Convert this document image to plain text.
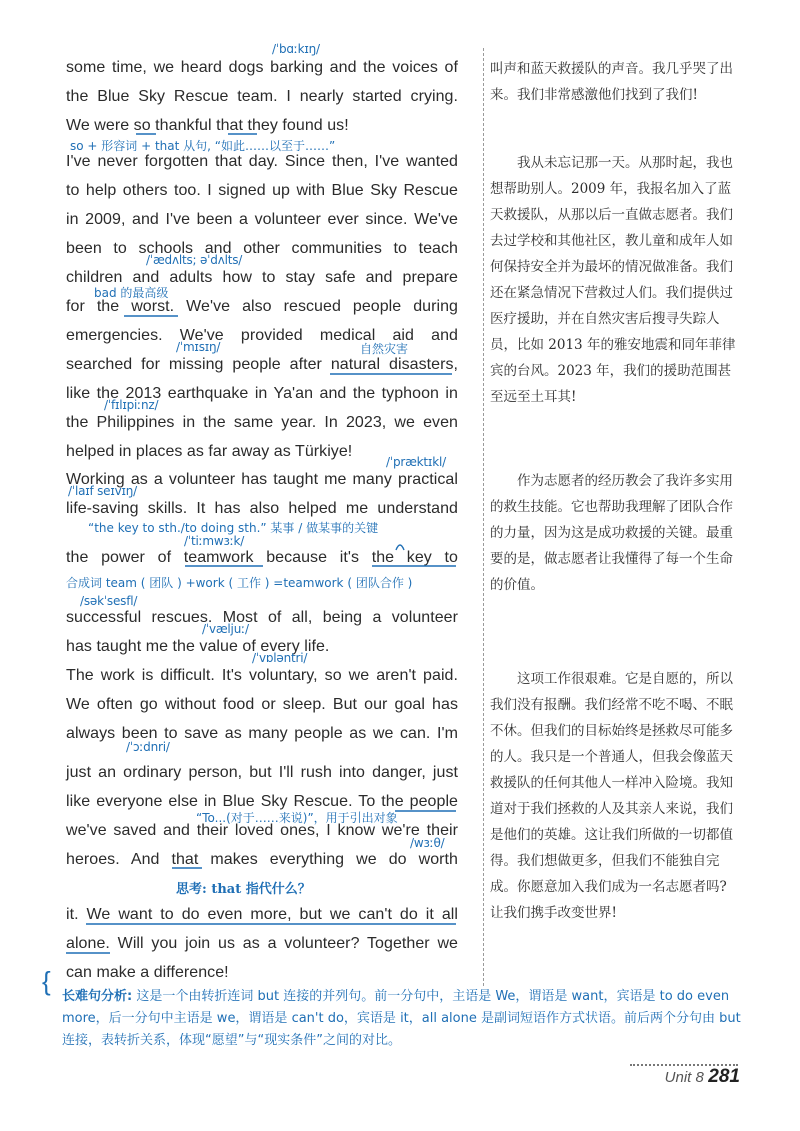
some time, we heard dogs barking and the voices of
the Blue Sky Rescue team. I nearly started crying.
We were so thankful that they found us!
I've never forgotten that day. Since then, I've wanted
to help others too. I signed up with Blue Sky Rescue
in 2009, and I've been a volunteer ever since. We've
been to schools and other communities to teach
children and adults how to stay safe and prepare
for the worst. We've also rescued people during
emergencies. We've provided medical aid and
searched for missing people after natural disasters,
like the 2013 earthquake in Ya'an and the typhoon in
the Philippines in the same year. In 2023, we even
helped in places as far away as Türkiye!
Working as a volunteer has taught me many practical
life-saving skills. It has also helped me understand
the power of teamwork because it's the key to
successful rescues. Most of all, being a volunteer
has taught me the value of every life.
The work is difficult. It's voluntary, so we aren't paid.
We often go without food or sleep. But our goal has
always been to save as many people as we can. I'm
just an ordinary person, but I'll rush into danger, just
like everyone else in Blue Sky Rescue. To the people
we've saved and their loved ones, I know we're their
heroes. And that makes everything we do worth
it. We want to do even more, but we can't do it all
alone. Will you join us as a volunteer? Together we
can make a difference!
/ˈbɑːkɪŋ/
/ˈædʌlts; əˈdʌlts/
/ˈmɪsɪŋ/
/ˈfɪlɪpiːnz/
/ˈpræktɪkl/
/ˈlaɪf seɪvɪŋ/
/ˈtiːmwɜːk/
/səkˈsesfl/
/ˈvæljuː/
/ˈvɒləntri/
/ˈɔːdnri/
/wɜːθ/
so + 形容词 + that 从句, “如此……以至于……”
bad 的最高级
自然灾害
“the key to sth./to doing sth.” 某事 / 做某事的关键
合成词 team ( 团队 ) +work ( 工作 ) =teamwork ( 团队合作 )
“To...(对于……来说)”，用于引出对象
思考: that 指代什么？

叫声和蓝天救援队的声音。我几乎哭了出来。我们非常感激他们找到了我们!

我从未忘记那一天。从那时起，我也想帮助别人。2009 年，我报名加入了蓝天救援队，从那以后一直做志愿者。我们去过学校和其他社区，教儿童和成年人如何保持安全并为最坏的情况做准备。我们还在紧急情况下营救过人们。我们提供过医疗援助，并在自然灾害后搜寻失踪人员，比如 2013 年的雅安地震和同年菲律宾的台风。2023 年，我们的援助范围甚至远至土耳其!

作为志愿者的经历教会了我许多实用的救生技能。它也帮助我理解了团队合作的力量，因为这是成功救援的关键。最重要的是，做志愿者让我懂得了每一个生命的价值。

这项工作很艰难。它是自愿的，所以我们没有报酬。我们经常不吃不喝、不眠不休。但我们的目标始终是拯救尽可能多的人。我只是一个普通人，但我会像蓝天救援队的任何其他人一样冲入险境。我知道对于我们拯救的人及其亲人来说，我们是他们的英雄。这让我们所做的一切都值得。我们想做更多，但我们不能独自完成。你愿意加入我们成为一名志愿者吗? 让我们携手改变世界!

{
长难句分析: 这是一个由转折连词 but 连接的并列句。前一分句中，主语是 We，谓语是 want，宾语是 to do even more，后一分句中主语是 we，谓语是 can't do，宾语是 it，all alone 是副词短语作方式状语。前后两个分句由 but 连接，表转折关系，体现“愿望”与“现实条件”之间的对比。
Unit 8 281
